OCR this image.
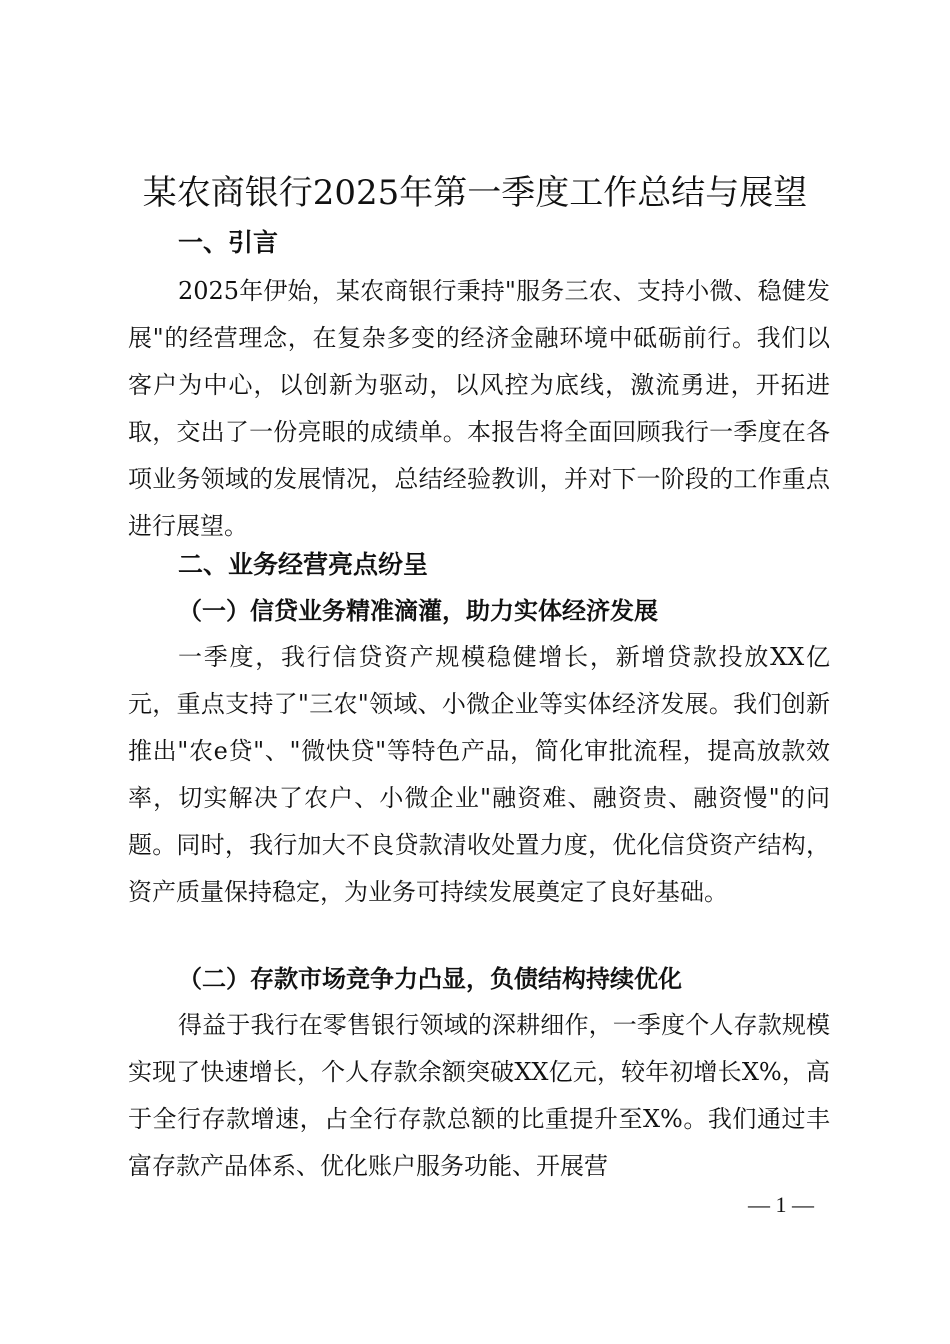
某农商银行2025年第一季度工作总结与展望
一、引言

2025年伊始，某农商银行秉持"服务三农、支持小微、稳健发展"的经营理念，在复杂多变的经济金融环境中砥砺前行。我们以客户为中心，以创新为驱动，以风控为底线，激流勇进，开拓进取，交出了一份亮眼的成绩单。本报告将全面回顾我行一季度在各项业务领域的发展情况，总结经验教训，并对下一阶段的工作重点进行展望。

二、业务经营亮点纷呈
（一）信贷业务精准滴灌，助力实体经济发展

一季度，我行信贷资产规模稳健增长，新增贷款投放XX亿元，重点支持了"三农"领域、小微企业等实体经济发展。我们创新推出"农e贷"、"微快贷"等特色产品，简化审批流程，提高放款效率，切实解决了农户、小微企业"融资难、融资贵、融资慢"的问题。同时，我行加大不良贷款清收处置力度，优化信贷资产结构，资产质量保持稳定，为业务可持续发展奠定了良好基础。

（二）存款市场竞争力凸显，负债结构持续优化

得益于我行在零售银行领域的深耕细作，一季度个人存款规模实现了快速增长，个人存款余额突破XX亿元，较年初增长X%，高于全行存款增速，占全行存款总额的比重提升至X%。我们通过丰富存款产品体系、优化账户服务功能、开展营

— 1 —
